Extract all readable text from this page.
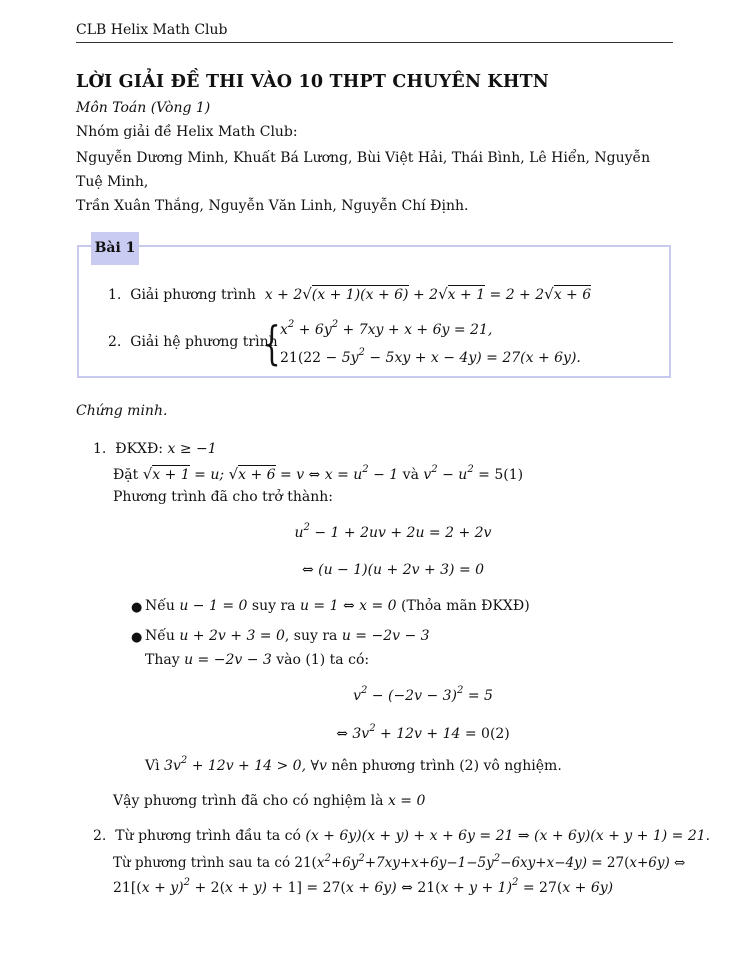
CLB Helix Math Club
LỜI GIẢI ĐỀ THI VÀO 10 THPT CHUYÊN KHTN
Môn Toán (Vòng 1)
Nhóm giải đề Helix Math Club:
Nguyễn Dương Minh, Khuất Bá Lương, Bùi Việt Hải, Thái Bình, Lê Hiển, Nguyễn Tuệ Minh,
Trần Xuân Thắng, Nguyễn Văn Linh, Nguyễn Chí Định.
Bài 1
1. Giải phương trình x + 2√(x + 1)(x + 6) + 2√x + 1 = 2 + 2√x + 6
2. Giải hệ phương trình
{ $x^2 + 6y^2 + 7xy + x + 6y = 21$,
$21(22 - 5y^2 - 5xy + x - 4y) = 27(x + 6y)$.
Chứng minh.
1. ĐKXĐ: x ≥ −1
Đặt √x + 1 = u; √x + 6 = v ⇔ $x = u^2 - 1$ và $v^2 - u^2 = 5(1)$
Phương trình đã cho trở thành:
$u^2 - 1 + 2uv + 2u = 2 + 2v$
⇔ (u − 1)(u + 2v + 3) = 0
● Nếu u − 1 = 0 suy ra u = 1 ⇔ x = 0 (Thỏa mãn ĐKXĐ)
● Nếu u + 2v + 3 = 0, suy ra u = −2v − 3
Thay u = −2v − 3 vào (1) ta có:
$v^2 - (-2v - 3)^2 = 5$
⇔ $3v^2 + 12v + 14 = 0(2)$
Vì $3v^2 + 12v + 14 > 0$, ∀v nên phương trình (2) vô nghiệm.
Vậy phương trình đã cho có nghiệm là x = 0
2. Từ phương trình đầu ta có (x + 6y)(x + y) + x + 6y = 21 ⇒ (x + 6y)(x + y + 1) = 21.
Từ phương trình sau ta có $21(x^2+6y^2+7xy+x+6y-1-5y^2-6xy+x-4y) = 27(x+6y)$ ⇔
$21[(x + y)^2 + 2(x + y) + 1] = 27(x + 6y)$ ⇔ $21(x + y + 1)^2 = 27(x + 6y)$
